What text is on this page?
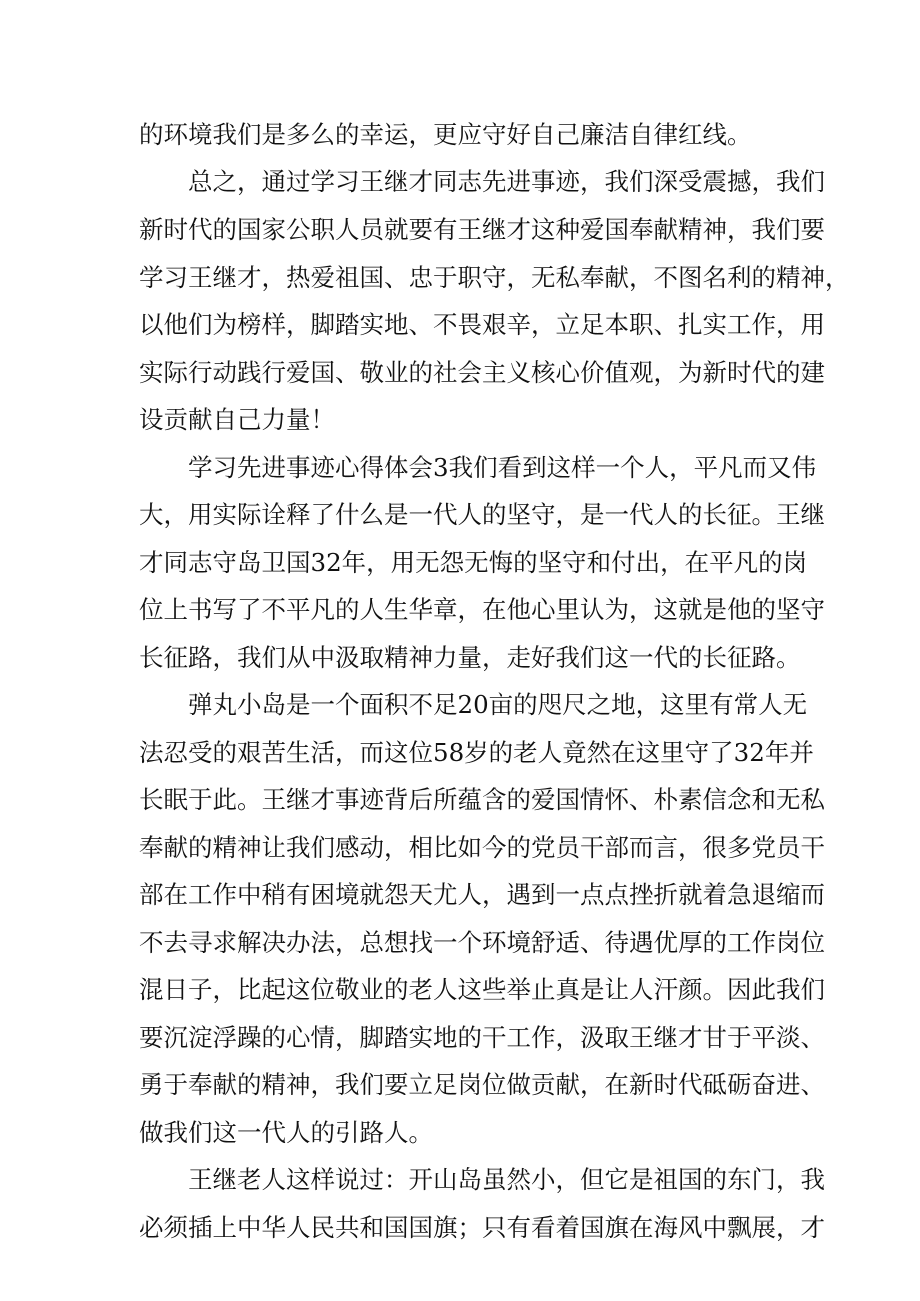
的环境我们是多么的幸运，更应守好自己廉洁自律红线。
总之，通过学习王继才同志先进事迹，我们深受震撼，我们
新时代的国家公职人员就要有王继才这种爱国奉献精神，我们要
学习王继才，热爱祖国、忠于职守，无私奉献，不图名利的精神，
以他们为榜样，脚踏实地、不畏艰辛，立足本职、扎实工作，用
实际行动践行爱国、敬业的社会主义核心价值观，为新时代的建
设贡献自己力量！
学习先进事迹心得体会3我们看到这样一个人，平凡而又伟
大，用实际诠释了什么是一代人的坚守，是一代人的长征。王继
才同志守岛卫国32年，用无怨无悔的坚守和付出，在平凡的岗
位上书写了不平凡的人生华章，在他心里认为，这就是他的坚守
长征路，我们从中汲取精神力量，走好我们这一代的长征路。
弹丸小岛是一个面积不足20亩的咫尺之地，这里有常人无
法忍受的艰苦生活，而这位58岁的老人竟然在这里守了32年并
长眠于此。王继才事迹背后所蕴含的爱国情怀、朴素信念和无私
奉献的精神让我们感动，相比如今的党员干部而言，很多党员干
部在工作中稍有困境就怨天尤人，遇到一点点挫折就着急退缩而
不去寻求解决办法，总想找一个环境舒适、待遇优厚的工作岗位
混日子，比起这位敬业的老人这些举止真是让人汗颜。因此我们
要沉淀浮躁的心情，脚踏实地的干工作，汲取王继才甘于平淡、
勇于奉献的精神，我们要立足岗位做贡献，在新时代砥砺奋进、
做我们这一代人的引路人。
王继老人这样说过：开山岛虽然小，但它是祖国的东门，我
必须插上中华人民共和国国旗；只有看着国旗在海风中飘展，才
